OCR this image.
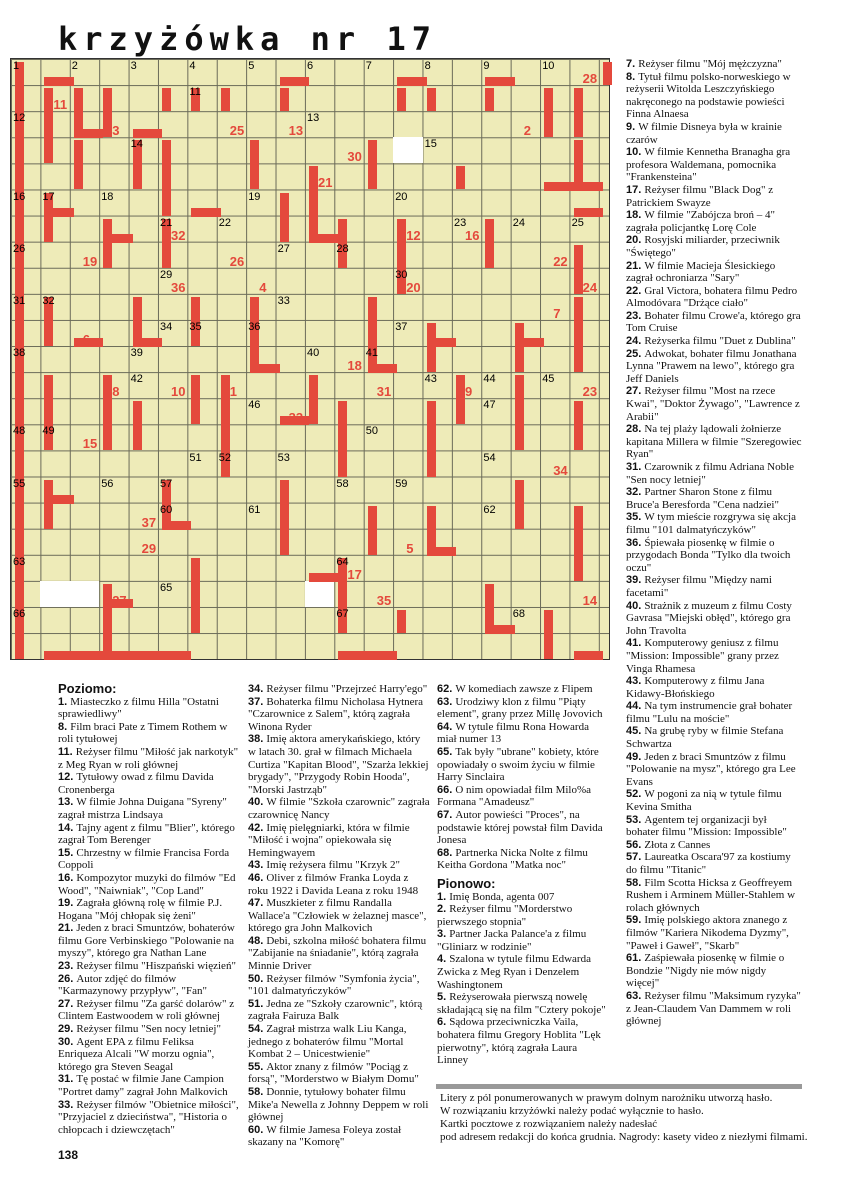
krzyżówka nr 17
1	2	3	4	5	6	7	8	9	10
11
12	13
14	15
16 17	18	19	20
21	22	23	24	25
26	27	28
29	30
31 32	33
34 35	36	37
38	39	40	41
42	43	44	45
46	47
48 49	50
51 52	53	54
55	56	57	58	59
60	61	62
63	64
65
66	67	68
28
11
25	13	2
3
30
21
32	12	16
19	26	22
36	4	20	24
7
6
18
10	1	31	9
8	23
33
15
34
37
5
29
17
27	35	14

Poziomo:

1. Miasteczko z filmu Hilla "Ostatni sprawiedliwy"

8. Film braci Pate z Timem Rothem w roli tytułowej

11. Reżyser filmu "Miłość jak narkotyk" z Meg Ryan w roli głównej

12. Tytułowy owad z filmu Davida Cronenberga

13. W filmie Johna Duigana "Syreny" zagrał mistrza Lindsaya

14. Tajny agent z filmu "Blier", którego zagrał Tom Berenger

15. Chrzestny w filmie Francisa Forda Coppoli

16. Kompozytor muzyki do filmów "Ed Wood", "Naiwniak", "Cop Land"

19. Zagrała główną rolę w filmie P.J. Hogana "Mój chłopak się żeni"

21. Jeden z braci Smuntzów, bohaterów filmu Gore Verbinskiego "Polowanie na myszy", którego gra Nathan Lane

23. Reżyser filmu "Hiszpański więzień"

26. Autor zdjęć do filmów "Karmazynowy przypływ", "Fan"

27. Reżyser filmu "Za garść dolarów" z Clintem Eastwoodem w roli głównej

29. Reżyser filmu "Sen nocy letniej"

30. Agent EPA z filmu Feliksa Enriqueza Alcali "W morzu ognia", którego gra Steven Seagal

31. Tę postać w filmie Jane Campion "Portret damy" zagrał John Malkovich

33. Reżyser filmów "Obietnice miłości", "Przyjaciel z dzieciństwa", "Historia o chłopcach i dziewczętach"

34. Reżyser filmu "Przejrzeć Harry'ego"

37. Bohaterka filmu Nicholasa Hytnera "Czarownice z Salem", którą zagrała Winona Ryder

38. Imię aktora amerykańskiego, który w latach 30. grał w filmach Michaela Curtiza "Kapitan Blood", "Szarża lekkiej brygady", "Przygody Robin Hooda", "Morski Jastrząb"

40. W filmie "Szkoła czarownic" zagrała czarownicę Nancy

42. Imię pielęgniarki, która w filmie "Miłość i wojna" opiekowała się Hemingwayem

43. Imię reżysera filmu "Krzyk 2"

46. Oliver z filmów Franka Loyda z roku 1922 i Davida Leana z roku 1948

47. Muszkieter z filmu Randalla Wallace'a "Człowiek w żelaznej masce", którego gra John Malkovich

48. Debi, szkolna miłość bohatera filmu "Zabijanie na śniadanie", którą zagrała Minnie Driver

50. Reżyser filmów "Symfonia życia", "101 dalmatyńczyków"

51. Jedna ze "Szkoły czarownic", którą zagrała Fairuza Balk

54. Zagrał mistrza walk Liu Kanga, jednego z bohaterów filmu "Mortal Kombat 2 – Unicestwienie"

55. Aktor znany z filmów "Pociąg z forsą", "Morderstwo w Białym Domu"

58. Donnie, tytułowy bohater filmu Mike'a Newella z Johnny Deppem w roli głównej

60. W filmie Jamesa Foleya został skazany na "Komorę"

62. W komediach zawsze z Flipem

63. Urodziwy klon z filmu "Piąty element", grany przez Millę Jovovich

64. W tytule filmu Rona Howarda miał numer 13

65. Tak były "ubrane" kobiety, które opowiadały o swoim życiu w filmie Harry Sinclaira

66. O nim opowiadał film Milo%a Formana "Amadeusz"

67. Autor powieści "Proces", na podstawie której powstał film Davida Jonesa

68. Partnerka Nicka Nolte z filmu Keitha Gordona "Matka noc"

Pionowo:

1. Imię Bonda, agenta 007

2. Reżyser filmu "Morderstwo pierwszego stopnia"

3. Partner Jacka Palance'a z filmu "Gliniarz w rodzinie"

4. Szalona w tytule filmu Edwarda Zwicka z Meg Ryan i Denzelem Washingtonem

5. Reżyserowała pierwszą nowelę składającą się na film "Cztery pokoje"

6. Sądowa przeciwniczka Vaila, bohatera filmu Gregory Hoblita "Lęk pierwotny", którą zagrała Laura Linney

7. Reżyser filmu "Mój mężczyzna"

8. Tytuł filmu polsko-norweskiego w reżyserii Witolda Leszczyńskiego nakręconego na podstawie powieści Finna Alnaesa

9. W filmie Disneya była w krainie czarów

10. W filmie Kennetha Branagha gra profesora Waldemana, pomocnika "Frankensteina"

17. Reżyser filmu "Black Dog" z Patrickiem Swayze

18. W filmie "Zabójcza broń – 4" zagrała policjantkę Lorę Cole

20. Rosyjski miliarder, przeciwnik "Świętego"

21. W filmie Macieja Ślesickiego zagrał ochroniarza "Sary"

22. Gral Victora, bohatera filmu Pedro Almodóvara "Drżące ciało"

23. Bohater filmu Crowe'a, którego gra Tom Cruise

24. Reżyserka filmu "Duet z Dublina"

25. Adwokat, bohater filmu Jonathana Lynna "Prawem na lewo", którego gra Jeff Daniels

27. Reżyser filmu "Most na rzece Kwai", "Doktor Żywago", "Lawrence z Arabii"

28. Na tej plaży lądowali żołnierze kapitana Millera w filmie "Szeregowiec Ryan"

31. Czarownik z filmu Adriana Noble "Sen nocy letniej"

32. Partner Sharon Stone z filmu Bruce'a Beresforda "Cena nadziei"

35. W tym mieście rozgrywa się akcja filmu "101 dalmatyńczyków"

36. Śpiewała piosenkę w filmie o przygodach Bonda "Tylko dla twoich oczu"

39. Reżyser filmu "Między nami facetami"

40. Strażnik z muzeum z filmu Costy Gavrasa "Miejski obłęd", którego gra John Travolta

41. Komputerowy geniusz z filmu "Mission: Impossible" grany przez Vinga Rhamesa

43. Komputerowy z filmu Jana Kidawy-Błońskiego

44. Na tym instrumencie grał bohater filmu "Lulu na moście"

45. Na grubę ryby w filmie Stefana Schwartza

49. Jeden z braci Smuntzów z filmu "Polowanie na mysz", którego gra Lee Evans

52. W pogoni za nią w tytule filmu Kevina Smitha

53. Agentem tej organizacji był bohater filmu "Mission: Impossible"

56. Złota z Cannes

57. Laureatka Oscara'97 za kostiumy do filmu "Titanic"

58. Film Scotta Hicksa z Geoffreyem Rushem i Arminem Müller-Stahlem w rolach głównych

59. Imię polskiego aktora znanego z filmów "Kariera Nikodema Dyzmy", "Paweł i Gaweł", "Skarb"

61. Zaśpiewała piosenkę w filmie o Bondzie "Nigdy nie mów nigdy więcej"

63. Reżyser filmu "Maksimum ryzyka" z Jean-Claudem Van Dammem w roli głównej

Litery z pól ponumerowanych w prawym dolnym narożniku utworzą hasło.
W rozwiązaniu krzyżówki należy podać wyłącznie to hasło.
Kartki pocztowe z rozwiązaniem należy nadesłać
pod adresem redakcji do końca grudnia. Nagrody: kasety video z niezłymi filmami.
138
